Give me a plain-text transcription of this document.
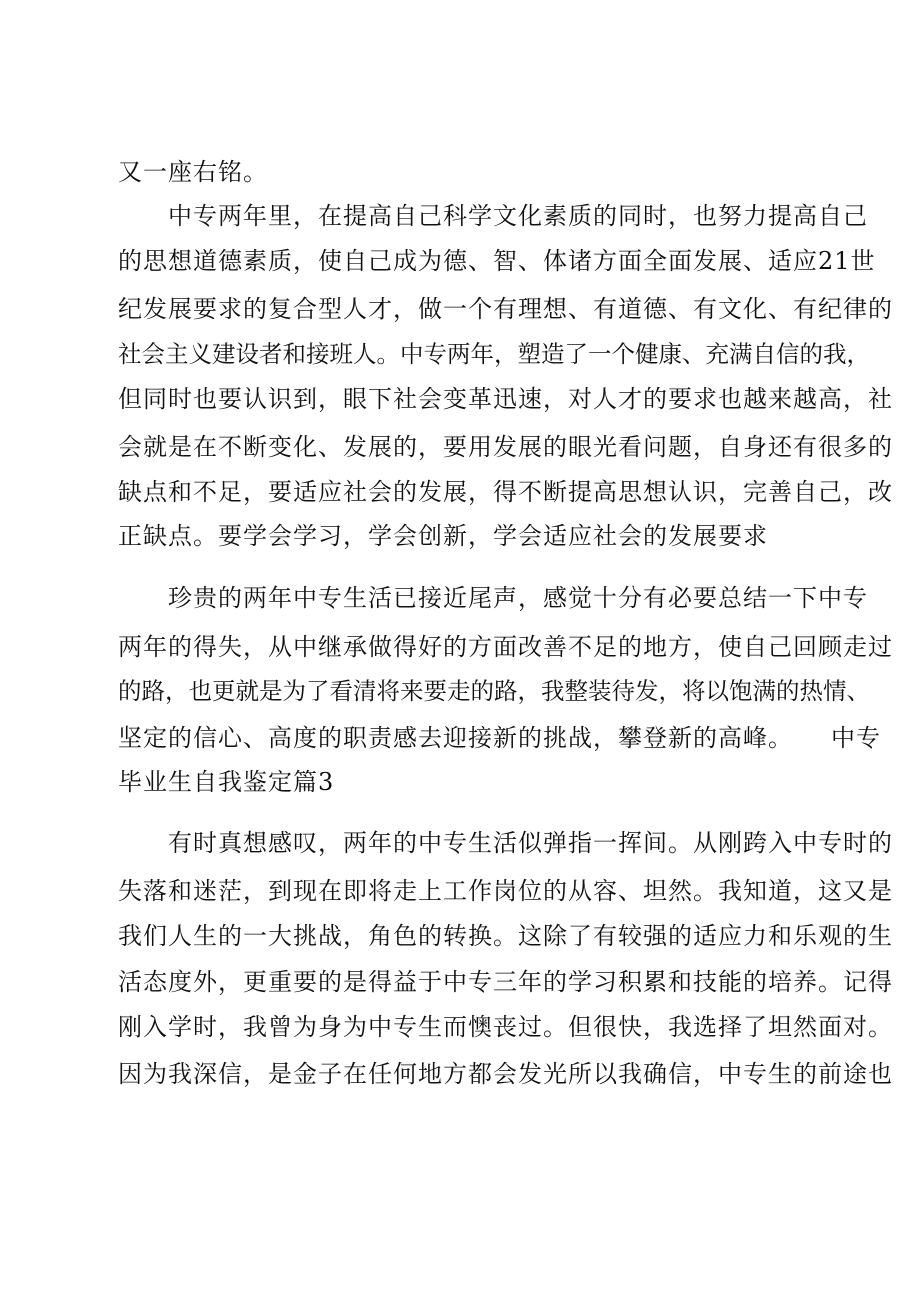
又一座右铭。
中专两年里，在提高自己科学文化素质的同时，也努力提高自己
的思想道德素质，使自己成为德、智、体诸方面全面发展、适应21世
纪发展要求的复合型人才，做一个有理想、有道德、有文化、有纪律的
社会主义建设者和接班人。中专两年，塑造了一个健康、充满自信的我，
但同时也要认识到，眼下社会变革迅速，对人才的要求也越来越高，社
会就是在不断变化、发展的，要用发展的眼光看问题，自身还有很多的
缺点和不足，要适应社会的发展，得不断提高思想认识，完善自己，改
正缺点。要学会学习，学会创新，学会适应社会的发展要求
珍贵的两年中专生活已接近尾声，感觉十分有必要总结一下中专
两年的得失，从中继承做得好的方面改善不足的地方，使自己回顾走过
的路，也更就是为了看清将来要走的路，我整装待发，将以饱满的热情、
坚定的信心、高度的职责感去迎接新的挑战，攀登新的高峰。　　中专
毕业生自我鉴定篇3
有时真想感叹，两年的中专生活似弹指一挥间。从刚跨入中专时的
失落和迷茫，到现在即将走上工作岗位的从容、坦然。我知道，这又是
我们人生的一大挑战，角色的转换。这除了有较强的适应力和乐观的生
活态度外，更重要的是得益于中专三年的学习积累和技能的培养。记得
刚入学时，我曾为身为中专生而懊丧过。但很快，我选择了坦然面对。
因为我深信，是金子在任何地方都会发光所以我确信，中专生的前途也
